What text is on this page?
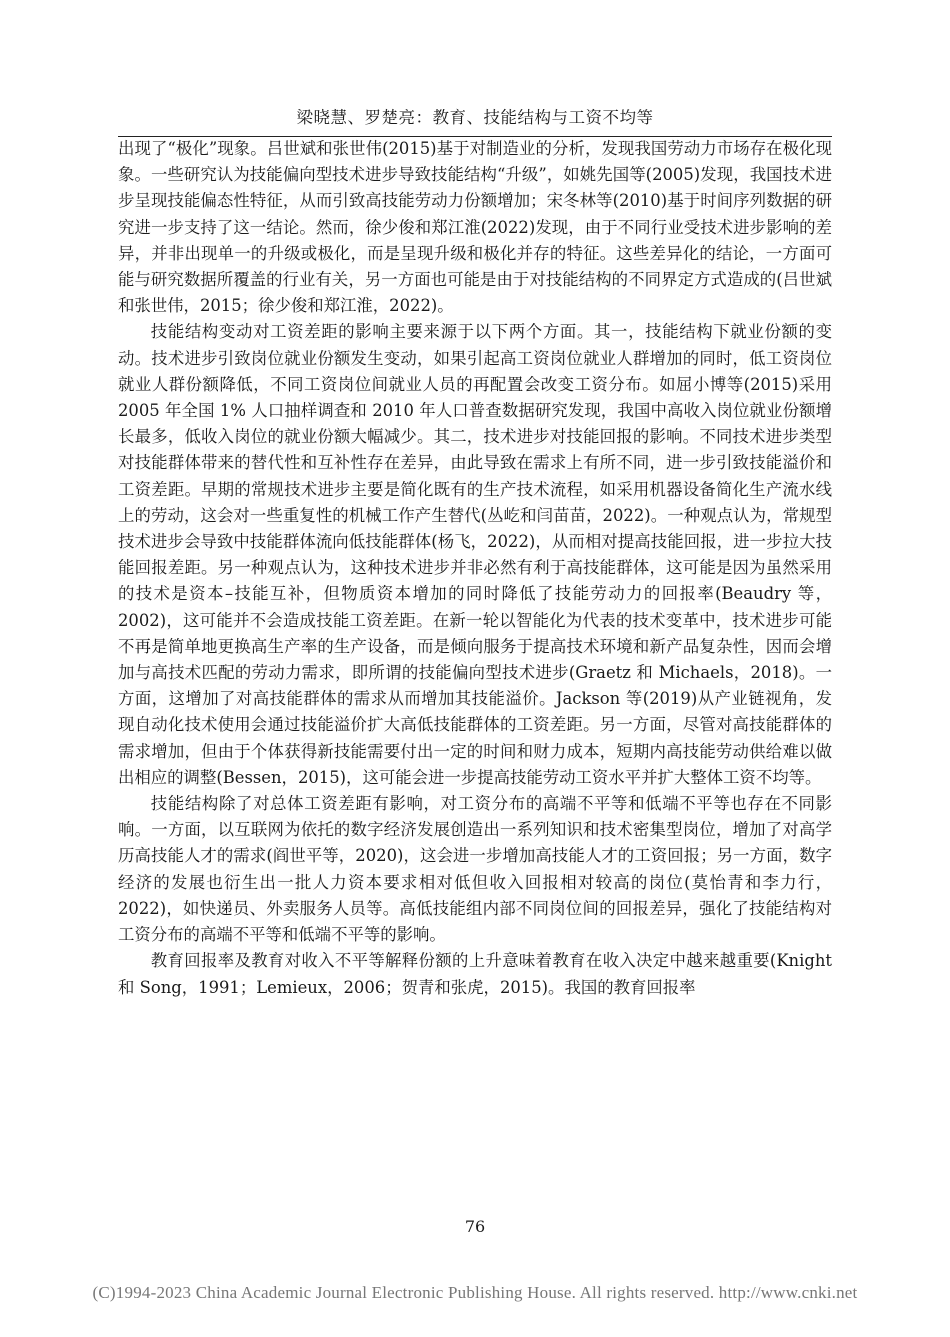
梁晓慧、罗楚亮：教育、技能结构与工资不均等

出现了“极化”现象。吕世斌和张世伟(2015)基于对制造业的分析，发现我国劳动力市场存在极化现象。一些研究认为技能偏向型技术进步导致技能结构“升级”，如姚先国等(2005)发现，我国技术进步呈现技能偏态性特征，从而引致高技能劳动力份额增加；宋冬林等(2010)基于时间序列数据的研究进一步支持了这一结论。然而，徐少俊和郑江淮(2022)发现，由于不同行业受技术进步影响的差异，并非出现单一的升级或极化，而是呈现升级和极化并存的特征。这些差异化的结论，一方面可能与研究数据所覆盖的行业有关，另一方面也可能是由于对技能结构的不同界定方式造成的(吕世斌和张世伟，2015；徐少俊和郑江淮，2022)。

技能结构变动对工资差距的影响主要来源于以下两个方面。其一，技能结构下就业份额的变动。技术进步引致岗位就业份额发生变动，如果引起高工资岗位就业人群增加的同时，低工资岗位就业人群份额降低，不同工资岗位间就业人员的再配置会改变工资分布。如屈小博等(2015)采用 2005 年全国 1% 人口抽样调查和 2010 年人口普查数据研究发现，我国中高收入岗位就业份额增长最多，低收入岗位的就业份额大幅减少。其二，技术进步对技能回报的影响。不同技术进步类型对技能群体带来的替代性和互补性存在差异，由此导致在需求上有所不同，进一步引致技能溢价和工资差距。早期的常规技术进步主要是简化既有的生产技术流程，如采用机器设备简化生产流水线上的劳动，这会对一些重复性的机械工作产生替代(丛屹和闫苗苗，2022)。一种观点认为，常规型技术进步会导致中技能群体流向低技能群体(杨飞，2022)，从而相对提高技能回报，进一步拉大技能回报差距。另一种观点认为，这种技术进步并非必然有利于高技能群体，这可能是因为虽然采用的技术是资本–技能互补，但物质资本增加的同时降低了技能劳动力的回报率(Beaudry 等，2002)，这可能并不会造成技能工资差距。在新一轮以智能化为代表的技术变革中，技术进步可能不再是简单地更换高生产率的生产设备，而是倾向服务于提高技术环境和新产品复杂性，因而会增加与高技术匹配的劳动力需求，即所谓的技能偏向型技术进步(Graetz 和 Michaels，2018)。一方面，这增加了对高技能群体的需求从而增加其技能溢价。Jackson 等(2019)从产业链视角，发现自动化技术使用会通过技能溢价扩大高低技能群体的工资差距。另一方面，尽管对高技能群体的需求增加，但由于个体获得新技能需要付出一定的时间和财力成本，短期内高技能劳动供给难以做出相应的调整(Bessen，2015)，这可能会进一步提高技能劳动工资水平并扩大整体工资不均等。

技能结构除了对总体工资差距有影响，对工资分布的高端不平等和低端不平等也存在不同影响。一方面，以互联网为依托的数字经济发展创造出一系列知识和技术密集型岗位，增加了对高学历高技能人才的需求(阎世平等，2020)，这会进一步增加高技能人才的工资回报；另一方面，数字经济的发展也衍生出一批人力资本要求相对低但收入回报相对较高的岗位(莫怡青和李力行，2022)，如快递员、外卖服务人员等。高低技能组内部不同岗位间的回报差异，强化了技能结构对工资分布的高端不平等和低端不平等的影响。

教育回报率及教育对收入不平等解释份额的上升意味着教育在收入决定中越来越重要(Knight 和 Song，1991；Lemieux，2006；贺青和张虎，2015)。我国的教育回报率

76
(C)1994-2023 China Academic Journal Electronic Publishing House. All rights reserved. http://www.cnki.net
